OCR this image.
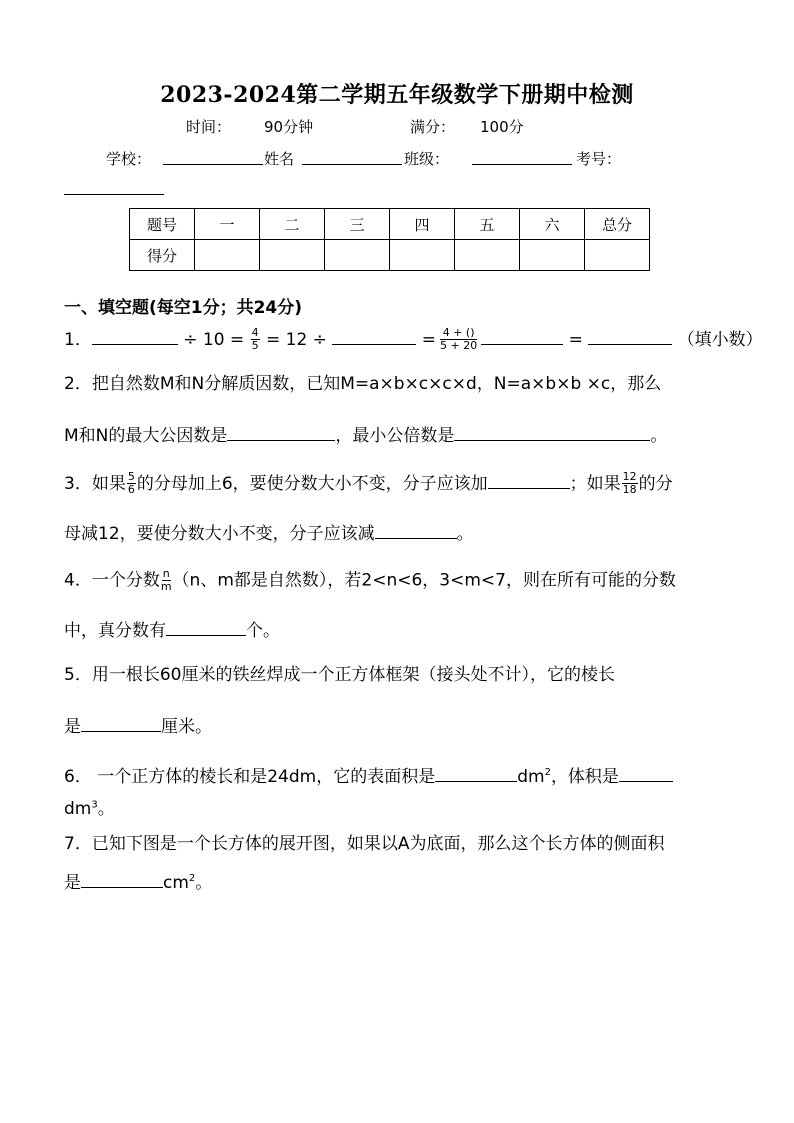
2023-2024第二学期五年级数学下册期中检测
时间： 90分钟	满分： 100分
学校：	姓名	班级：	考号：
题号	一	二	三	四	五	六	总分
得分							
一、填空题(每空1分；共24分)
1．	÷ $10 = \frac{4}{5} = 12$ ÷	= $\frac{4 + ()}{5 + 20}$	=	（填小数）
2．把自然数M和N分解质因数，已知M=a×b×c×c×d，N=a×b×b ×c，那么
M和N的最大公因数是	，最小公倍数是	。
3．如果 $\frac{5}{6}$ 的分母加上6，要使分数大小不变，分子应该加	；如果 $\frac{12}{18}$ 的分
母减12，要使分数大小不变，分子应该减	。
4．一个分数 $\frac{n}{m} (n$、m都是自然数），若2<n<6，3<m<7，则在所有可能的分数
中，真分数有	个。
5．用一根长60厘米的铁丝焊成一个正方体框架（接头处不计），它的棱长
是	厘米。
6． 一个正方体的棱长和是24dm，它的表面积是	$dm^2$，体积是
$dm^3$。
7．已知下图是一个长方体的展开图，如果以A为底面，那么这个长方体的侧面积
是	$cm^2$。
